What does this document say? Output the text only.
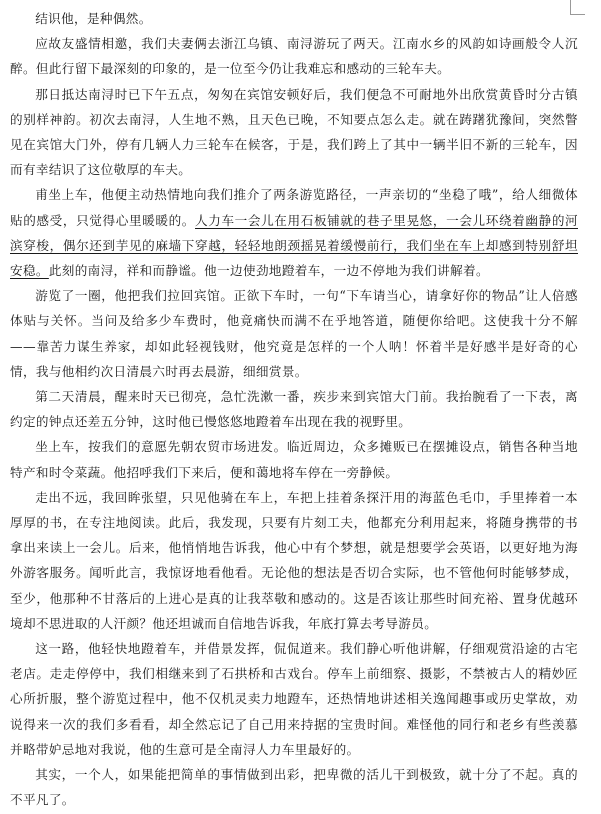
结识他，是种偶然。

应故友盛情相邀，我们夫妻俩去浙江乌镇、南浔游玩了两天。江南水乡的风韵如诗画般令人沉醉。但此行留下最深刻的印象的，是一位至今仍让我难忘和感动的三轮车夫。

那日抵达南浔时已下午五点，匆匆在宾馆安顿好后，我们便急不可耐地外出欣赏黄昏时分古镇的别样神韵。初次去南浔，人生地不熟，且天色已晚，不知要点怎么走。就在踌躇犹豫间，突然瞥见在宾馆大门外，停有几辆人力三轮车在候客，于是，我们跨上了其中一辆半旧不新的三轮车，因而有幸结识了这位敬厚的车夫。

甫坐上车，他便主动热情地向我们推介了两条游览路径，一声亲切的“坐稳了哦”，给人细微体贴的感受，只觉得心里暖暖的。人力车一会儿在用石板铺就的巷子里晃悠，一会儿环绕着幽静的河滨穿梭，偶尔还到芋见的麻墙下穿越，轻轻地朗颈摇晃着缓慢前行，我们坐在车上却感到特别舒坦安稳。此刻的南浔，祥和而静谧。他一边使劲地蹬着车，一边不停地为我们讲解着。

游览了一圈，他把我们拉回宾馆。正欲下车时，一句“下车请当心，请拿好你的物品”让人倍感体贴与关怀。当问及给多少车费时，他竟痛快而满不在乎地答道，随便你给吧。这使我十分不解——靠苦力谋生养家，却如此轻视钱财，他究竟是怎样的一个人呐！怀着半是好感半是好奇的心情，我与他相约次日清晨六时再去晨游，细细赏景。

第二天清晨，醒来时天已彻亮，急忙洗漱一番，疾步来到宾馆大门前。我抬腕看了一下表，离约定的钟点还差五分钟，这时他已慢悠悠地蹬着车出现在我的视野里。

坐上车，按我们的意愿先朝农贸市场进发。临近周边，众多摊贩已在摆摊设点，销售各种当地特产和时令菜蔬。他招呼我们下来后，便和蔼地将车停在一旁静候。

走出不远，我回眸张望，只见他骑在车上，车把上挂着条探汗用的海蓝色毛巾，手里捧着一本厚厚的书，在专注地阅读。此后，我发现，只要有片刻工夫，他都充分利用起来，将随身携带的书拿出来读上一会儿。后来，他悄悄地告诉我，他心中有个梦想，就是想要学会英语，以更好地为海外游客服务。闻听此言，我惊讶地看他看。无论他的想法是否切合实际，也不管他何时能够梦成，至少，他那种不甘落后的上进心是真的让我萃敬和感动的。这是否该让那些时间充裕、置身优越环境却不思进取的人汗颜？他还坦诚而自信地告诉我，年底打算去考导游员。

这一路，他轻快地蹬着车，并借景发挥，侃侃道来。我们静心听他讲解，仔细观赏沿途的古宅老店。走走停停中，我们相继来到了石拱桥和古戏台。停车上前细察、摄影，不禁被古人的精妙匠心所折服，整个游览过程中，他不仅机灵卖力地蹬车，还热情地讲述相关逸闻趣事或历史掌故，劝说得来一次的我们多看看，却全然忘记了自己用来持据的宝贵时间。难怪他的同行和老乡有些羡慕并略带妒忌地对我说，他的生意可是全南浔人力车里最好的。

其实，一个人，如果能把简单的事情做到出彩，把卑微的活儿干到极致，就十分了不起。真的不平凡了。
